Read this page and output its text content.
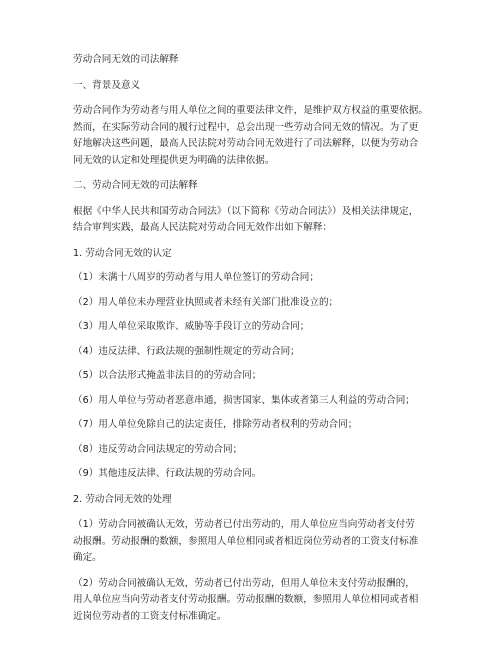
劳动合同无效的司法解释

一、背景及意义

劳动合同作为劳动者与用人单位之间的重要法律文件，是维护双方权益的重要依据。
然而，在实际劳动合同的履行过程中，总会出现一些劳动合同无效的情况。为了更
好地解决这些问题，最高人民法院对劳动合同无效进行了司法解释，以便为劳动合
同无效的认定和处理提供更为明确的法律依据。

二、劳动合同无效的司法解释

根据《中华人民共和国劳动合同法》（以下简称《劳动合同法》）及相关法律规定，
结合审判实践，最高人民法院对劳动合同无效作出如下解释：

1. 劳动合同无效的认定

（1）未满十八周岁的劳动者与用人单位签订的劳动合同；

（2）用人单位未办理营业执照或者未经有关部门批准设立的；

（3）用人单位采取欺诈、威胁等手段订立的劳动合同；

（4）违反法律、行政法规的强制性规定的劳动合同；

（5）以合法形式掩盖非法目的的劳动合同；

（6）用人单位与劳动者恶意串通，损害国家、集体或者第三人利益的劳动合同；

（7）用人单位免除自己的法定责任，排除劳动者权利的劳动合同；

（8）违反劳动合同法规定的劳动合同；

（9）其他违反法律、行政法规的劳动合同。

2. 劳动合同无效的处理

（1）劳动合同被确认无效，劳动者已付出劳动的，用人单位应当向劳动者支付劳
动报酬。劳动报酬的数额，参照用人单位相同或者相近岗位劳动者的工资支付标准
确定。

（2）劳动合同被确认无效，劳动者已付出劳动，但用人单位未支付劳动报酬的，
用人单位应当向劳动者支付劳动报酬。劳动报酬的数额，参照用人单位相同或者相
近岗位劳动者的工资支付标准确定。
